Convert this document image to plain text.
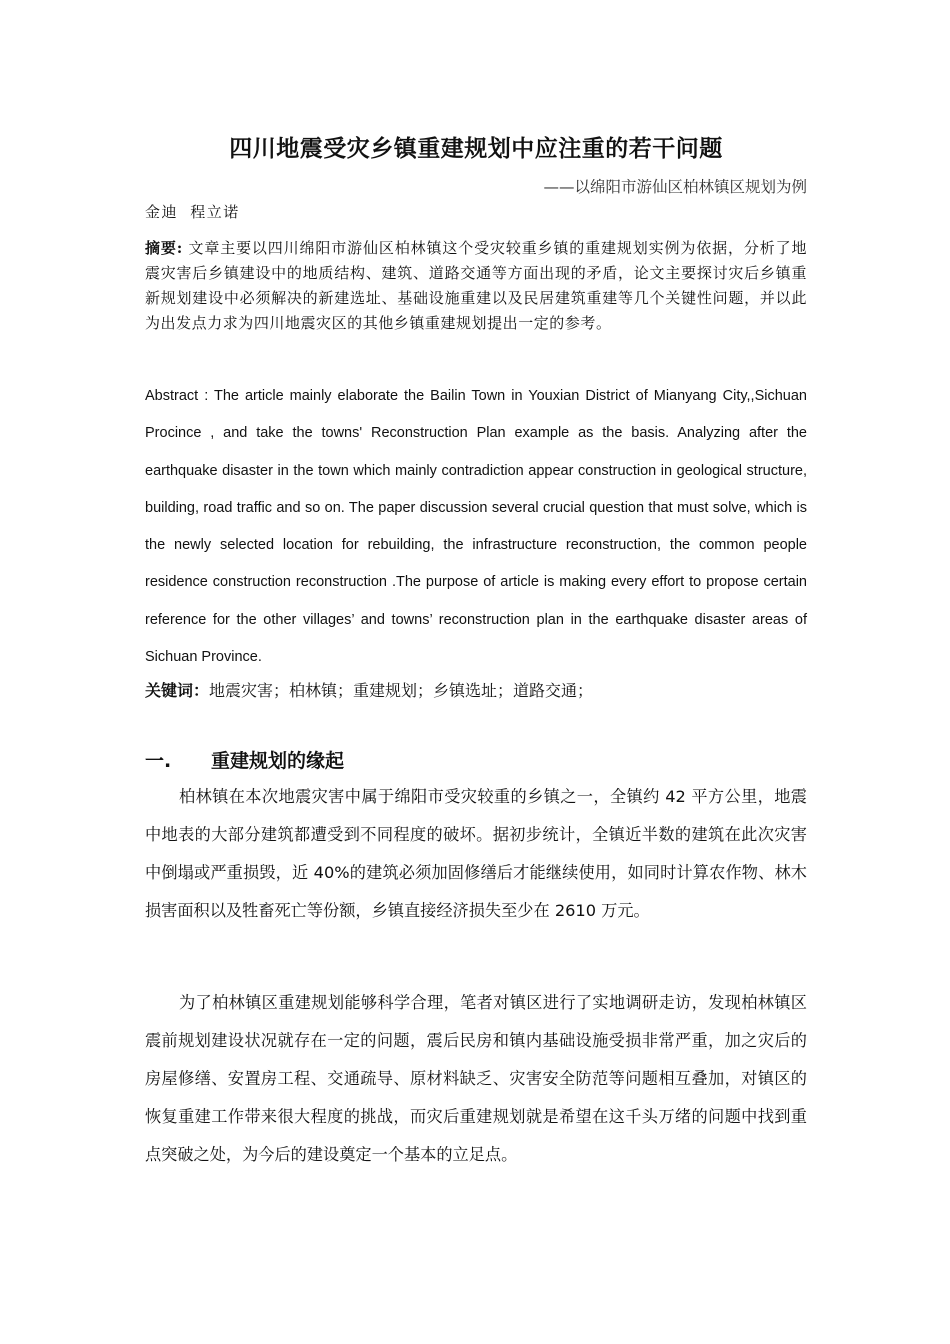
四川地震受灾乡镇重建规划中应注重的若干问题
——以绵阳市游仙区柏林镇区规划为例
金迪 程立诺
摘要: 文章主要以四川绵阳市游仙区柏林镇这个受灾较重乡镇的重建规划实例为依据，分析了地震灾害后乡镇建设中的地质结构、建筑、道路交通等方面出现的矛盾，论文主要探讨灾后乡镇重新规划建设中必须解决的新建选址、基础设施重建以及民居建筑重建等几个关键性问题，并以此为出发点力求为四川地震灾区的其他乡镇重建规划提出一定的参考。
Abstract : The article mainly elaborate the Bailin Town in Youxian District of Mianyang City,,Sichuan Procince , and take the towns' Reconstruction Plan example as the basis. Analyzing after the earthquake disaster in the town which mainly contradiction appear construction in geological structure, building, road traffic and so on. The paper discussion several crucial question that must solve, which is the newly selected location for rebuilding, the infrastructure reconstruction, the common people residence construction reconstruction .The purpose of article is making every effort to propose certain reference for the other villages’ and towns’ reconstruction plan in the earthquake disaster areas of Sichuan Province.
关键词：地震灾害；柏林镇；重建规划；乡镇选址；道路交通；
一. 重建规划的缘起
柏林镇在本次地震灾害中属于绵阳市受灾较重的乡镇之一，全镇约 42 平方公里，地震中地表的大部分建筑都遭受到不同程度的破坏。据初步统计，全镇近半数的建筑在此次灾害中倒塌或严重损毁，近 40%的建筑必须加固修缮后才能继续使用，如同时计算农作物、林木损害面积以及牲畜死亡等份额，乡镇直接经济损失至少在 2610 万元。
为了柏林镇区重建规划能够科学合理，笔者对镇区进行了实地调研走访，发现柏林镇区震前规划建设状况就存在一定的问题，震后民房和镇内基础设施受损非常严重，加之灾后的房屋修缮、安置房工程、交通疏导、原材料缺乏、灾害安全防范等问题相互叠加，对镇区的恢复重建工作带来很大程度的挑战，而灾后重建规划就是希望在这千头万绪的问题中找到重点突破之处，为今后的建设奠定一个基本的立足点。
